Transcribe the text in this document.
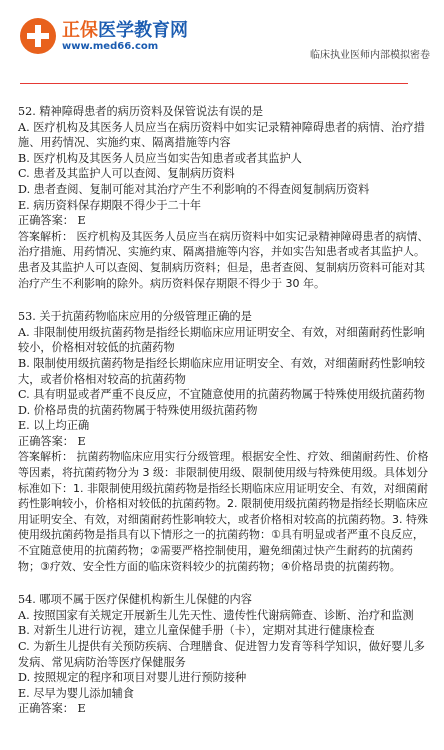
正保医学教育网
www.med66.com
临床执业医师内部模拟密卷

52. 精神障碍患者的病历资料及保管说法有误的是

A. 医疗机构及其医务人员应当在病历资料中如实记录精神障碍患者的病情、治疗措施、用药情况、实施约束、隔离措施等内容

B. 医疗机构及其医务人员应当如实告知患者或者其监护人

C. 患者及其监护人可以查阅、复制病历资料

D. 患者查阅、复制可能对其治疗产生不利影响的不得查阅复制病历资料

E. 病历资料保存期限不得少于二十年

正确答案： E

答案解析： 医疗机构及其医务人员应当在病历资料中如实记录精神障碍患者的病情、治疗措施、用药情况、实施约束、隔离措施等内容，并如实告知患者或者其监护人。患者及其监护人可以查阅、复制病历资料；但是，患者查阅、复制病历资料可能对其治疗产生不利影响的除外。病历资料保存期限不得少于 30 年。

53. 关于抗菌药物临床应用的分级管理正确的是

A. 非限制使用级抗菌药物是指经长期临床应用证明安全、有效，对细菌耐药性影响较小，价格相对较低的抗菌药物

B. 限制使用级抗菌药物是指经长期临床应用证明安全、有效，对细菌耐药性影响较大，或者价格相对较高的抗菌药物

C. 具有明显或者严重不良反应，不宜随意使用的抗菌药物属于特殊使用级抗菌药物

D. 价格昂贵的抗菌药物属于特殊使用级抗菌药物

E. 以上均正确

正确答案： E

答案解析： 抗菌药物临床应用实行分级管理。根据安全性、疗效、细菌耐药性、价格等因素，将抗菌药物分为 3 级：非限制使用级、限制使用级与特殊使用级。具体划分标准如下：1. 非限制使用级抗菌药物是指经长期临床应用证明安全、有效，对细菌耐药性影响较小，价格相对较低的抗菌药物。2. 限制使用级抗菌药物是指经长期临床应用证明安全、有效，对细菌耐药性影响较大，或者价格相对较高的抗菌药物。3. 特殊使用级抗菌药物是指具有以下情形之一的抗菌药物：①具有明显或者严重不良反应，不宜随意使用的抗菌药物；②需要严格控制使用，避免细菌过快产生耐药的抗菌药物；③疗效、安全性方面的临床资料较少的抗菌药物；④价格昂贵的抗菌药物。

54. 哪项不属于医疗保健机构新生儿保健的内容

A. 按照国家有关规定开展新生儿先天性、遗传性代谢病筛查、诊断、治疗和监测

B. 对新生儿进行访视，建立儿童保健手册（卡），定期对其进行健康检查

C. 为新生儿提供有关预防疾病、合理膳食、促进智力发育等科学知识，做好婴儿多发病、常见病防治等医疗保健服务

D. 按照规定的程序和项目对婴儿进行预防接种

E. 尽早为婴儿添加辅食

正确答案： E
